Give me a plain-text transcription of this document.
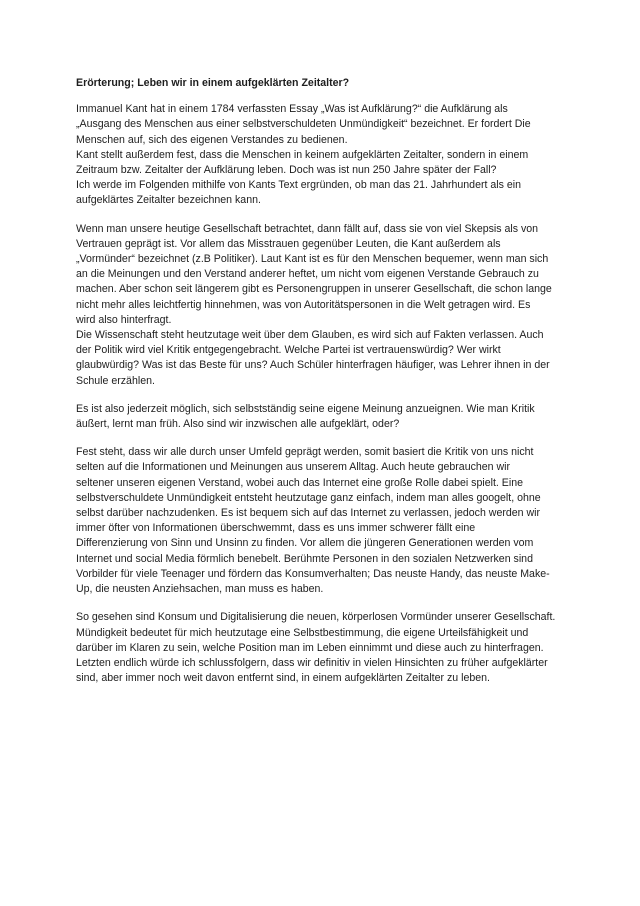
Erörterung; Leben wir in einem aufgeklärten Zeitalter?
Immanuel Kant hat in einem 1784 verfassten Essay „Was ist Aufklärung?“ die Aufklärung als
„Ausgang des Menschen aus einer selbstverschuldeten Unmündigkeit“ bezeichnet. Er fordert Die
Menschen auf, sich des eigenen Verstandes zu bedienen.
Kant stellt außerdem fest, dass die Menschen in keinem aufgeklärten Zeitalter, sondern in einem
Zeitraum bzw. Zeitalter der Aufklärung leben. Doch was ist nun 250 Jahre später der Fall?
Ich werde im Folgenden mithilfe von Kants Text ergründen, ob man das 21. Jahrhundert als ein
aufgeklärtes Zeitalter bezeichnen kann.
Wenn man unsere heutige Gesellschaft betrachtet, dann fällt auf, dass sie von viel Skepsis als von
Vertrauen geprägt ist. Vor allem das Misstrauen gegenüber Leuten, die Kant außerdem als
„Vormünder“ bezeichnet (z.B Politiker). Laut Kant ist es für den Menschen bequemer, wenn man sich
an die Meinungen und den Verstand anderer heftet, um nicht vom eigenen Verstande Gebrauch zu
machen. Aber schon seit längerem gibt es Personengruppen in unserer Gesellschaft, die schon lange
nicht mehr alles leichtfertig hinnehmen, was von Autoritätspersonen in die Welt getragen wird. Es
wird also hinterfragt.
Die Wissenschaft steht heutzutage weit über dem Glauben, es wird sich auf Fakten verlassen. Auch
der Politik wird viel Kritik entgegengebracht. Welche Partei ist vertrauenswürdig? Wer wirkt
glaubwürdig? Was ist das Beste für uns? Auch Schüler hinterfragen häufiger, was Lehrer ihnen in der
Schule erzählen.
Es ist also jederzeit möglich, sich selbstständig seine eigene Meinung anzueignen. Wie man Kritik
äußert, lernt man früh. Also sind wir inzwischen alle aufgeklärt, oder?
Fest steht, dass wir alle durch unser Umfeld geprägt werden, somit basiert die Kritik von uns nicht
selten auf die Informationen und Meinungen aus unserem Alltag. Auch heute gebrauchen wir
seltener unseren eigenen Verstand, wobei auch das Internet eine große Rolle dabei spielt. Eine
selbstverschuldete Unmündigkeit entsteht heutzutage ganz einfach, indem man alles googelt, ohne
selbst darüber nachzudenken. Es ist bequem sich auf das Internet zu verlassen, jedoch werden wir
immer öfter von Informationen überschwemmt, dass es uns immer schwerer fällt eine
Differenzierung von Sinn und Unsinn zu finden. Vor allem die jüngeren Generationen werden vom
Internet und social Media förmlich benebelt. Berühmte Personen in den sozialen Netzwerken sind
Vorbilder für viele Teenager und fördern das Konsumverhalten; Das neuste Handy, das neuste Make-
Up, die neusten Anziehsachen, man muss es haben.
So gesehen sind Konsum und Digitalisierung die neuen, körperlosen Vormünder unserer Gesellschaft.
Mündigkeit bedeutet für mich heutzutage eine Selbstbestimmung, die eigene Urteilsfähigkeit und
darüber im Klaren zu sein, welche Position man im Leben einnimmt und diese auch zu hinterfragen.
Letzten endlich würde ich schlussfolgern, dass wir definitiv in vielen Hinsichten zu früher aufgeklärter
sind, aber immer noch weit davon entfernt sind, in einem aufgeklärten Zeitalter zu leben.
